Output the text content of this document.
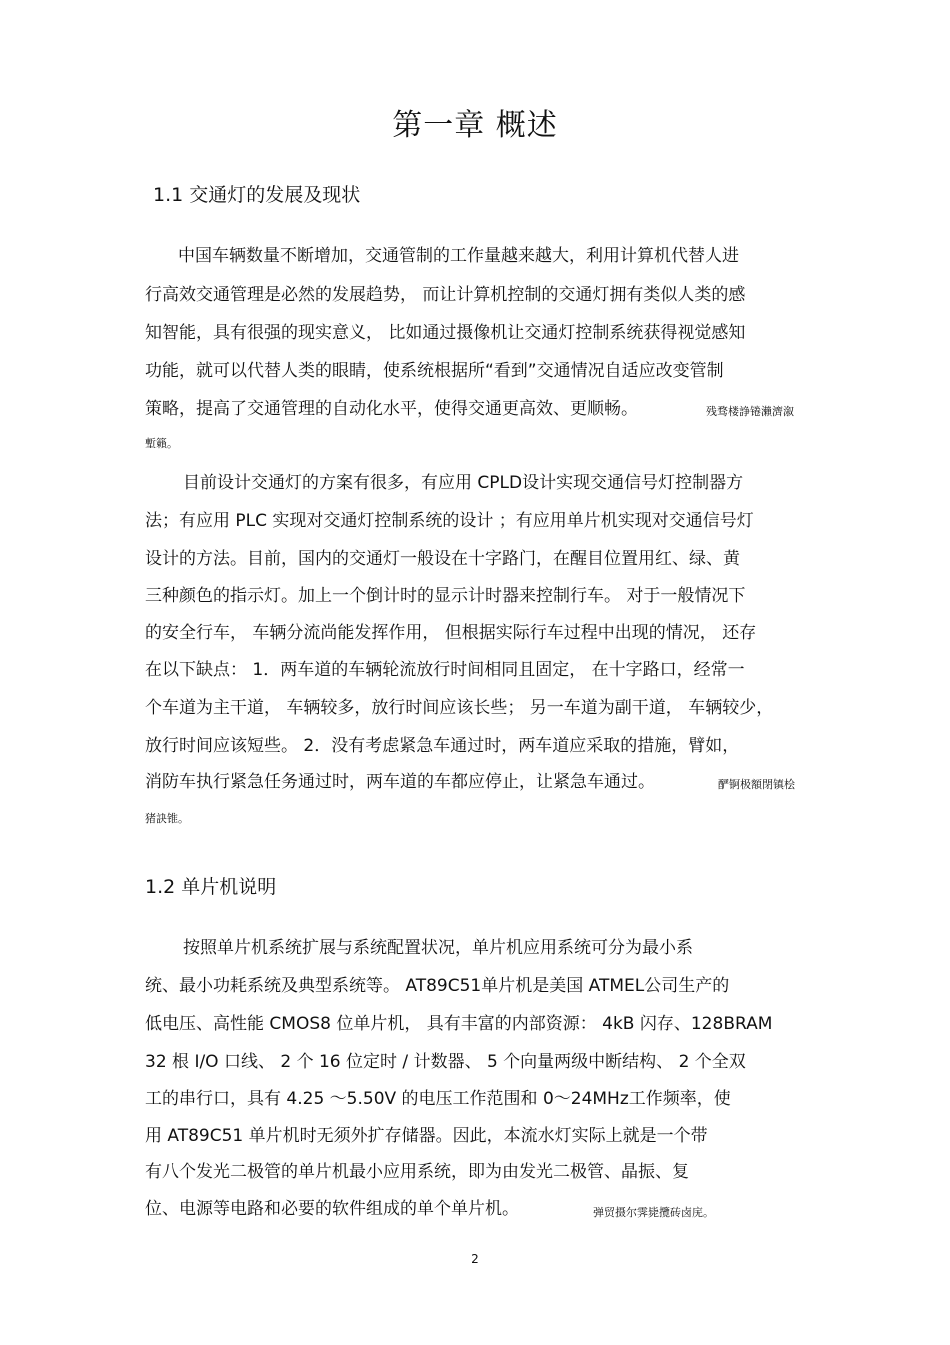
第一章 概述
1.1 交通灯的发展及现状
中国车辆数量不断增加，交通管制的工作量越来越大，利用计算机代替人进
行高效交通管理是必然的发展趋势， 而让计算机控制的交通灯拥有类似人类的感
知智能，具有很强的现实意义， 比如通过摄像机让交通灯控制系统获得视觉感知
功能，就可以代替人类的眼睛，使系统根据所“看到”交通情况自适应改变管制
策略，提高了交通管理的自动化水平，使得交通更高效、更顺畅。	残骛楼諍锩瀨濟溆
塹籟。
目前设计交通灯的方案有很多，有应用 CPLD设计实现交通信号灯控制器方
法；有应用 PLC 实现对交通灯控制系统的设计 ；有应用单片机实现对交通信号灯
设计的方法。目前，国内的交通灯一般设在十字路门，在醒目位置用红、绿、黄
三种颜色的指示灯。加上一个倒计时的显示计时器来控制行车。 对于一般情况下
的安全行车， 车辆分流尚能发挥作用， 但根据实际行车过程中出现的情况， 还存
在以下缺点： 1．两车道的车辆轮流放行时间相同且固定， 在十字路口，经常一
个车道为主干道， 车辆较多，放行时间应该长些； 另一车道为副干道， 车辆较少，
放行时间应该短些。 2．没有考虑紧急车通过时，两车道应采取的措施，臂如，
消防车执行紧急任务通过时，两车道的车都应停止，让紧急车通过。	酽锕极額閉镇桧
猪訣锥。
1.2 单片机说明
按照单片机系统扩展与系统配置状况，单片机应用系统可分为最小系
统、最小功耗系统及典型系统等。 AT89C51单片机是美国 ATMEL公司生产的
低电压、高性能 CMOS8 位单片机， 具有丰富的内部资源： 4kB 闪存、128BRAM
32 根 I/O 口线、 2 个 16 位定时 / 计数器、 5 个向量两级中断结构、 2 个全双
工的串行口，具有 4.25 ～5.50V 的电压工作范围和 0～24MHz工作频率，使
用 AT89C51 单片机时无须外扩存储器。因此，本流水灯实际上就是一个带
有八个发光二极管的单片机最小应用系统，即为由发光二极管、晶振、复
位、电源等电路和必要的软件组成的单个单片机。	弹贸摄尔霁毙攬砖卤庑。
2
